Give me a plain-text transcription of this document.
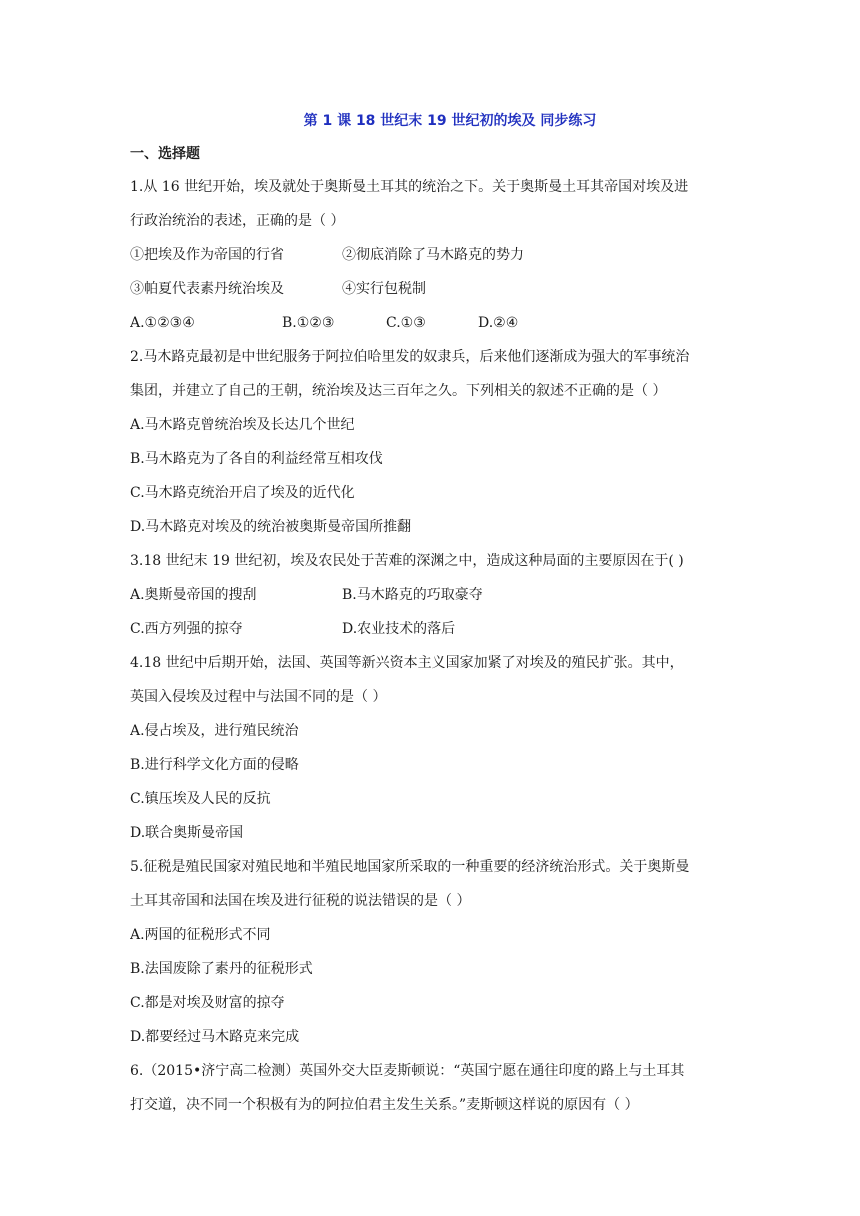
第 1 课 18 世纪末 19 世纪初的埃及 同步练习
一、选择题
1.从 16 世纪开始，埃及就处于奥斯曼土耳其的统治之下。关于奥斯曼土耳其帝国对埃及进
行政治统治的表述，正确的是（ ）
①把埃及作为帝国的行省	②彻底消除了马木路克的势力
③帕夏代表素丹统治埃及	④实行包税制
A.①②③④	B.①②③	C.①③	D.②④
2.马木路克最初是中世纪服务于阿拉伯哈里发的奴隶兵，后来他们逐渐成为强大的军事统治
集团，并建立了自己的王朝，统治埃及达三百年之久。下列相关的叙述不正确的是（ ）
A.马木路克曾统治埃及长达几个世纪
B.马木路克为了各自的利益经常互相攻伐
C.马木路克统治开启了埃及的近代化
D.马木路克对埃及的统治被奥斯曼帝国所推翻
3.18 世纪末 19 世纪初，埃及农民处于苦难的深渊之中，造成这种局面的主要原因在于( )
A.奥斯曼帝国的搜刮	B.马木路克的巧取豪夺
C.西方列强的掠夺	D.农业技术的落后
4.18 世纪中后期开始，法国、英国等新兴资本主义国家加紧了对埃及的殖民扩张。其中，
英国入侵埃及过程中与法国不同的是（ ）
A.侵占埃及，进行殖民统治
B.进行科学文化方面的侵略
C.镇压埃及人民的反抗
D.联合奥斯曼帝国
5.征税是殖民国家对殖民地和半殖民地国家所采取的一种重要的经济统治形式。关于奥斯曼
土耳其帝国和法国在埃及进行征税的说法错误的是（ ）
A.两国的征税形式不同
B.法国废除了素丹的征税形式
C.都是对埃及财富的掠夺
D.都要经过马木路克来完成
6.（2015•济宁高二检测）英国外交大臣麦斯顿说：“英国宁愿在通往印度的路上与土耳其
打交道，决不同一个积极有为的阿拉伯君主发生关系。”麦斯顿这样说的原因有（ ）
